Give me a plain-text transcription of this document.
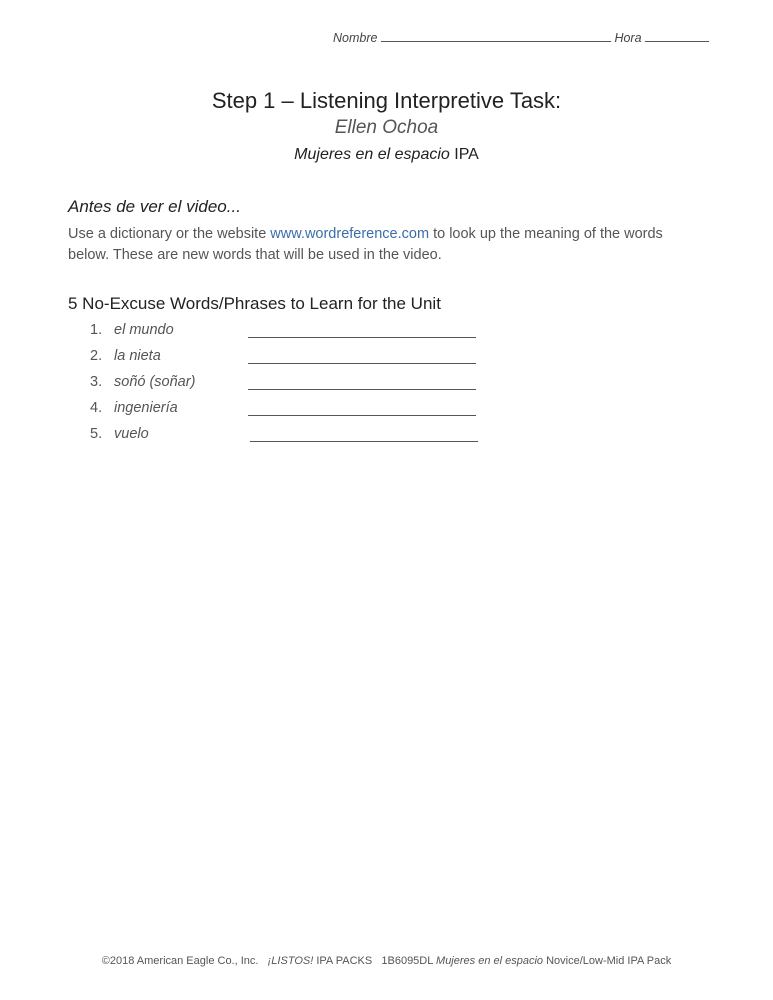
Nombre	Hora
Step 1 – Listening Interpretive Task:
Ellen Ochoa
Mujeres en el espacio IPA
Antes de ver el video...
Use a dictionary or the website www.wordreference.com to look up the meaning of the words below. These are new words that will be used in the video.
5 No-Excuse Words/Phrases to Learn for the Unit
1. el mundo
2. la nieta
3. soñó (soñar)
4. ingeniería
5. vuelo
©2018 American Eagle Co., Inc. ¡LISTOS! IPA PACKS 1B6095DL Mujeres en el espacio Novice/Low-Mid IPA Pack
